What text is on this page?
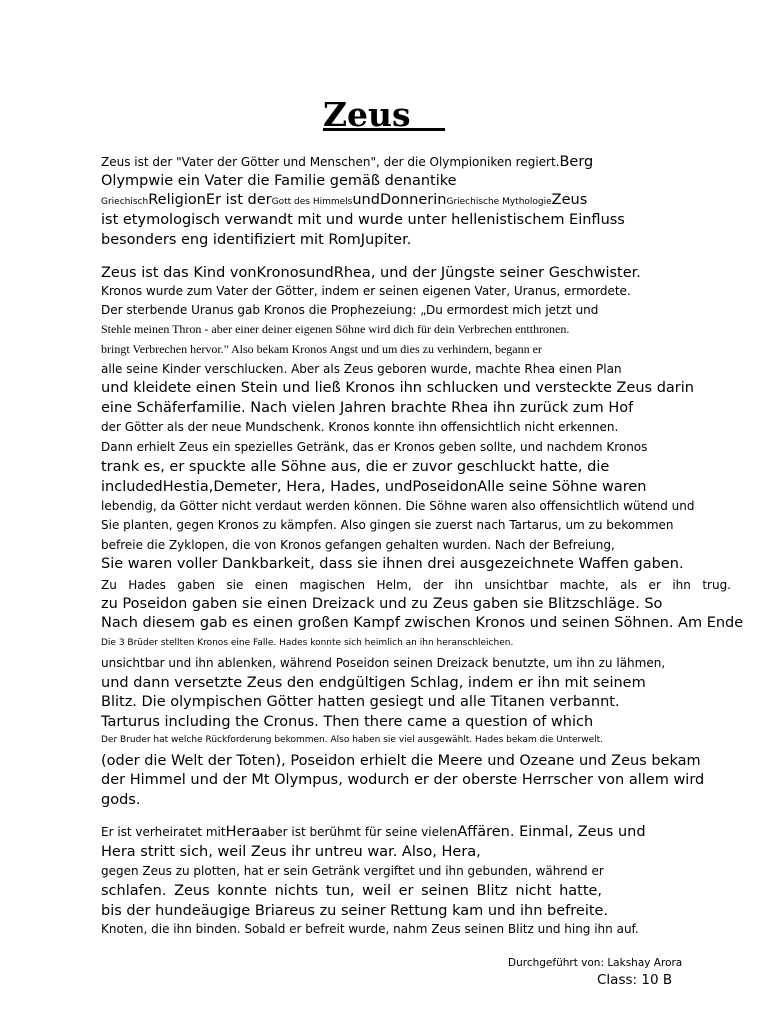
Zeus
Zeus ist der "Vater der Götter und Menschen", der die Olympioniken regiert.Berg
Olympwie ein Vater die Familie gemäß denantike
GriechischReligionEr ist derGott des HimmelsundDonnerinGriechische MythologieZeus
ist etymologisch verwandt mit und wurde unter hellenistischem Einfluss
besonders eng identifiziert mit RomJupiter.
Zeus ist das Kind vonKronosundRhea, und der Jüngste seiner Geschwister.
Kronos wurde zum Vater der Götter, indem er seinen eigenen Vater, Uranus, ermordete.
Der sterbende Uranus gab Kronos die Prophezeiung: „Du ermordest mich jetzt und
Stehle meinen Thron - aber einer deiner eigenen Söhne wird dich für dein Verbrechen entthronen.
bringt Verbrechen hervor." Also bekam Kronos Angst und um dies zu verhindern, begann er
alle seine Kinder verschlucken. Aber als Zeus geboren wurde, machte Rhea einen Plan
und kleidete einen Stein und ließ Kronos ihn schlucken und versteckte Zeus darin
eine Schäferfamilie. Nach vielen Jahren brachte Rhea ihn zurück zum Hof
der Götter als der neue Mundschenk. Kronos konnte ihn offensichtlich nicht erkennen.
Dann erhielt Zeus ein spezielles Getränk, das er Kronos geben sollte, und nachdem Kronos
trank es, er spuckte alle Söhne aus, die er zuvor geschluckt hatte, die
includedHestia,Demeter, Hera, Hades, undPoseidonAlle seine Söhne waren
lebendig, da Götter nicht verdaut werden können. Die Söhne waren also offensichtlich wütend und
Sie planten, gegen Kronos zu kämpfen. Also gingen sie zuerst nach Tartarus, um zu bekommen
befreie die Zyklopen, die von Kronos gefangen gehalten wurden. Nach der Befreiung,
Sie waren voller Dankbarkeit, dass sie ihnen drei ausgezeichnete Waffen gaben.
Zu Hades gaben sie einen magischen Helm, der ihn unsichtbar machte, als er ihn trug.
zu Poseidon gaben sie einen Dreizack und zu Zeus gaben sie Blitzschläge. So
Nach diesem gab es einen großen Kampf zwischen Kronos und seinen Söhnen. Am Ende
Die 3 Brüder stellten Kronos eine Falle. Hades konnte sich heimlich an ihn heranschleichen.
unsichtbar und ihn ablenken, während Poseidon seinen Dreizack benutzte, um ihn zu lähmen,
und dann versetzte Zeus den endgültigen Schlag, indem er ihn mit seinem
Blitz. Die olympischen Götter hatten gesiegt und alle Titanen verbannt.
Tarturus including the Cronus. Then there came a question of which
Der Bruder hat welche Rückforderung bekommen. Also haben sie viel ausgewählt. Hades bekam die Unterwelt.
(oder die Welt der Toten), Poseidon erhielt die Meere und Ozeane und Zeus bekam
der Himmel und der Mt Olympus, wodurch er der oberste Herrscher von allem wird
gods.
Er ist verheiratet mitHeraaber ist berühmt für seine vielenAffären. Einmal, Zeus und
Hera stritt sich, weil Zeus ihr untreu war. Also, Hera,
gegen Zeus zu plotten, hat er sein Getränk vergiftet und ihn gebunden, während er
schlafen. Zeus konnte nichts tun, weil er seinen Blitz nicht hatte,
bis der hundeäugige Briareus zu seiner Rettung kam und ihn befreite.
Knoten, die ihn binden. Sobald er befreit wurde, nahm Zeus seinen Blitz und hing ihn auf.
Durchgeführt von: Lakshay Arora
Class: 10 B
